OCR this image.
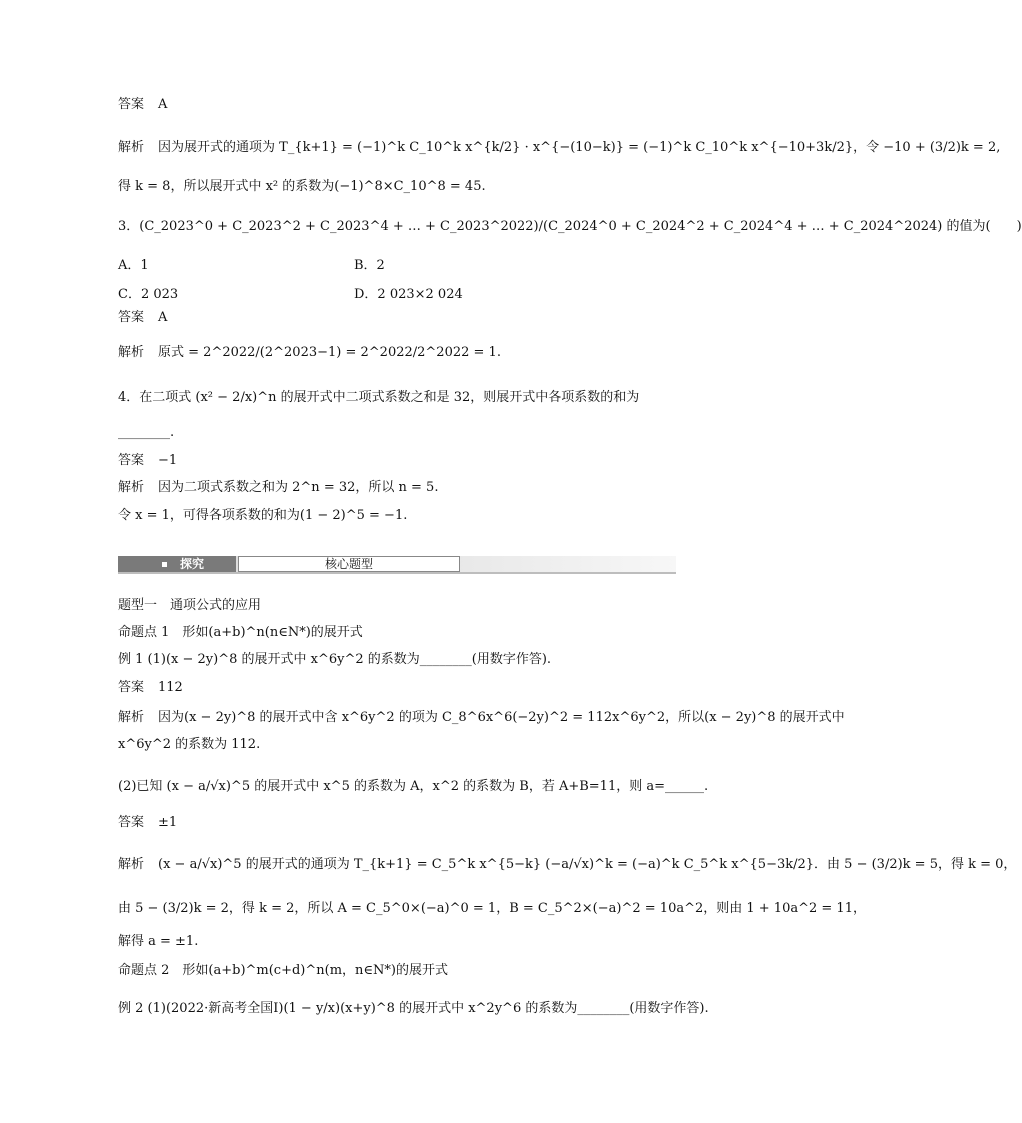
答案 A
解析 因为展开式的通项为 T_{k+1} = (−1)^k C_10^k x^{k/2} · x^{−(10−k)} = (−1)^k C_10^k x^{−10+3k/2}，令 −10 + (3/2)k = 2,
得 k = 8，所以展开式中 x² 的系数为(−1)^8×C_10^8 = 45.
3．(C_2023^0 + C_2023^2 + C_2023^4 + … + C_2023^2022)/(C_2024^0 + C_2024^2 + C_2024^4 + … + C_2024^2024) 的值为(　　)
A．1	B．2
C．2 023	D．2 023×2 024
答案 A
解析 原式 = 2^2022/(2^2023−1) = 2^2022/2^2022 = 1.
4．在二项式 (x² − 2/x)^n 的展开式中二项式系数之和是 32，则展开式中各项系数的和为
________.
答案 −1
解析 因为二项式系数之和为 2^n = 32，所以 n = 5.
令 x = 1，可得各项系数的和为(1 − 2)^5 = −1.
探究	核心题型
题型一　通项公式的应用
命题点 1　形如(a+b)^n(n∈N*)的展开式
例 1 (1)(x − 2y)^8 的展开式中 x^6y^2 的系数为________(用数字作答).
答案 112
解析 因为(x − 2y)^8 的展开式中含 x^6y^2 的项为 C_8^6x^6(−2y)^2 = 112x^6y^2，所以(x − 2y)^8 的展开式中
x^6y^2 的系数为 112.
(2)已知 (x − a/√x)^5 的展开式中 x^5 的系数为 A，x^2 的系数为 B，若 A+B=11，则 a=______.
答案 ±1
解析 (x − a/√x)^5 的展开式的通项为 T_{k+1} = C_5^k x^{5−k} (−a/√x)^k = (−a)^k C_5^k x^{5−3k/2}．由 5 − (3/2)k = 5，得 k = 0，
由 5 − (3/2)k = 2，得 k = 2，所以 A = C_5^0×(−a)^0 = 1，B = C_5^2×(−a)^2 = 10a^2，则由 1 + 10a^2 = 11，
解得 a = ±1.
命题点 2　形如(a+b)^m(c+d)^n(m，n∈N*)的展开式
例 2 (1)(2022·新高考全国Ⅰ)(1 − y/x)(x+y)^8 的展开式中 x^2y^6 的系数为________(用数字作答).
